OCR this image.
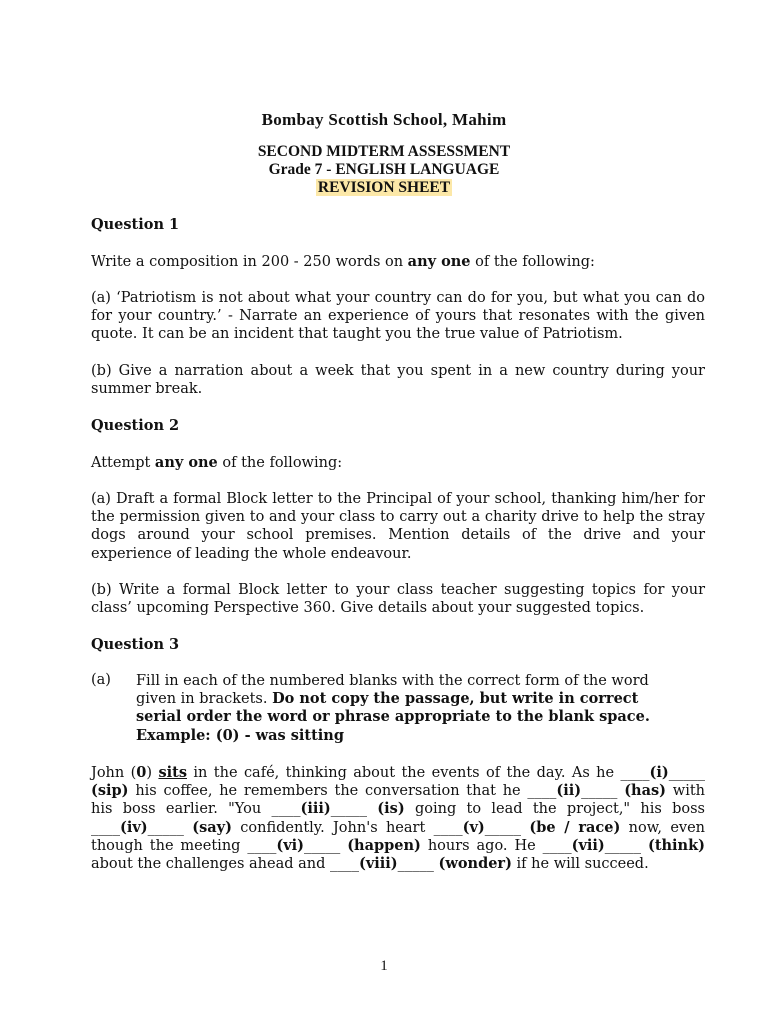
Bombay Scottish School, Mahim
SECOND MIDTERM ASSESSMENT
Grade 7 - ENGLISH LANGUAGE
REVISION SHEET
Question 1
Write a composition in 200 - 250 words on any one of the following:
(a) ‘Patriotism is not about what your country can do for you, but what you can do for your country.’ - Narrate an experience of yours that resonates with the given quote. It can be an incident that taught you the true value of Patriotism.
(b) Give a narration about a week that you spent in a new country during your summer break.
Question 2
Attempt any one of the following:
(a) Draft a formal Block letter to the Principal of your school, thanking him/her for the permission given to and your class to carry out a charity drive to help the stray dogs around your school premises. Mention details of the drive and your experience of leading the whole endeavour.
(b) Write a formal Block letter to your class teacher suggesting topics for your class’ upcoming Perspective 360. Give details about your suggested topics.
Question 3
(a) Fill in each of the numbered blanks with the correct form of the word given in brackets. Do not copy the passage, but write in correct serial order the word or phrase appropriate to the blank space.
Example: (0) - was sitting
John (0) sits in the café, thinking about the events of the day. As he ____(i)_____ (sip) his coffee, he remembers the conversation that he ____(ii)_____ (has) with his boss earlier. "You ____(iii)_____ (is) going to lead the project," his boss ____(iv)_____ (say) confidently. John's heart ____(v)_____ (be / race) now, even though the meeting ____(vi)_____ (happen) hours ago. He ____(vii)_____ (think) about the challenges ahead and ____(viii)_____ (wonder) if he will succeed.
1
